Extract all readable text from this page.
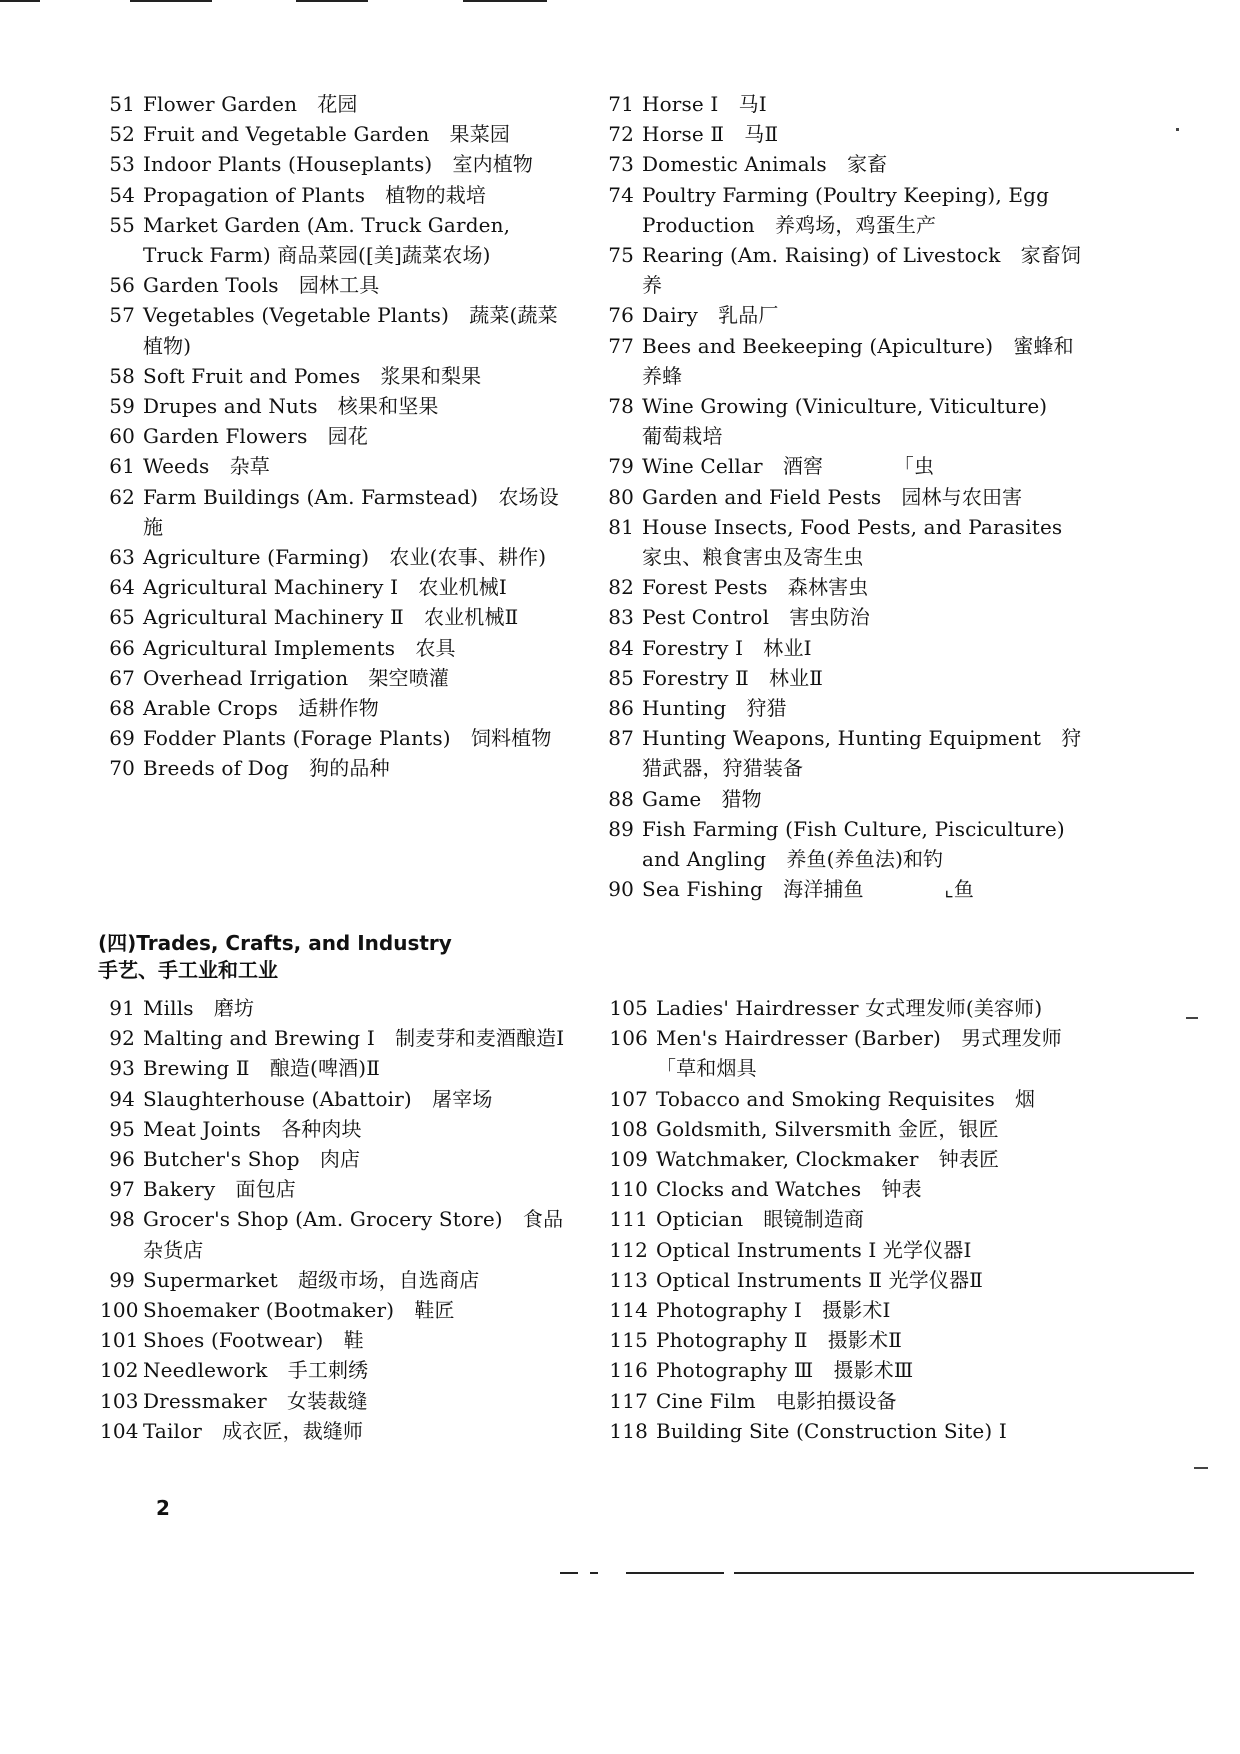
51 Flower Garden　花园
52 Fruit and Vegetable Garden　果菜园
53 Indoor Plants (Houseplants)　室内植物
54 Propagation of Plants　植物的栽培
55 Market Garden (Am. Truck Garden, Truck Farm) 商品菜园([美]蔬菜农场)
56 Garden Tools　园林工具
57 Vegetables (Vegetable Plants)　蔬菜(蔬菜植物)
58 Soft Fruit and Pomes　浆果和梨果
59 Drupes and Nuts　核果和坚果
60 Garden Flowers　园花
61 Weeds　杂草
62 Farm Buildings (Am. Farmstead)　农场设施
63 Agriculture (Farming)　农业(农事、耕作)
64 Agricultural Machinery Ⅰ　农业机械Ⅰ
65 Agricultural Machinery Ⅱ　农业机械Ⅱ
66 Agricultural Implements　农具
67 Overhead Irrigation　架空喷灌
68 Arable Crops　适耕作物
69 Fodder Plants (Forage Plants)　饲料植物
70 Breeds of Dog　狗的品种
71 Horse Ⅰ　马Ⅰ
72 Horse Ⅱ　马Ⅱ
73 Domestic Animals　家畜
74 Poultry Farming (Poultry Keeping), Egg Production　养鸡场，鸡蛋生产
75 Rearing (Am. Raising) of Livestock　家畜饲养
76 Dairy　乳品厂
77 Bees and Beekeeping (Apiculture)　蜜蜂和养蜂
78 Wine Growing (Viniculture, Viticulture)　葡萄栽培
79 Wine Cellar　酒窖　　　　「虫
80 Garden and Field Pests　园林与农田害
81 House Insects, Food Pests, and Parasites　家虫、粮食害虫及寄生虫
82 Forest Pests　森林害虫
83 Pest Control　害虫防治
84 Forestry Ⅰ　林业Ⅰ
85 Forestry Ⅱ　林业Ⅱ
86 Hunting　狩猎
87 Hunting Weapons, Hunting Equipment　狩猎武器，狩猎装备
88 Game　猎物
89 Fish Farming (Fish Culture, Pisciculture) and Angling　养鱼(养鱼法)和钓
90 Sea Fishing　海洋捕鱼　　　　⌞鱼
(四)Trades, Crafts, and Industry
手艺、手工业和工业
91 Mills　磨坊
92 Malting and Brewing Ⅰ　制麦芽和麦酒酿造Ⅰ
93 Brewing Ⅱ　酿造(啤酒)Ⅱ
94 Slaughterhouse (Abattoir)　屠宰场
95 Meat Joints　各种肉块
96 Butcher's Shop　肉店
97 Bakery　面包店
98 Grocer's Shop (Am. Grocery Store)　食品杂货店
99 Supermarket　超级市场，自选商店
100 Shoemaker (Bootmaker)　鞋匠
101 Shoes (Footwear)　鞋
102 Needlework　手工刺绣
103 Dressmaker　女装裁缝
104 Tailor　成衣匠，裁缝师
105 Ladies' Hairdresser 女式理发师(美容师)
106 Men's Hairdresser (Barber)　男式理发师　　　　「草和烟具
107 Tobacco and Smoking Requisites　烟
108 Goldsmith, Silversmith 金匠，银匠
109 Watchmaker, Clockmaker　钟表匠
110 Clocks and Watches　钟表
111 Optician　眼镜制造商
112 Optical Instruments Ⅰ 光学仪器Ⅰ
113 Optical Instruments Ⅱ 光学仪器Ⅱ
114 Photography Ⅰ　摄影术Ⅰ
115 Photography Ⅱ　摄影术Ⅱ
116 Photography Ⅲ　摄影术Ⅲ
117 Cine Film　电影拍摄设备
118 Building Site (Construction Site) Ⅰ
2
